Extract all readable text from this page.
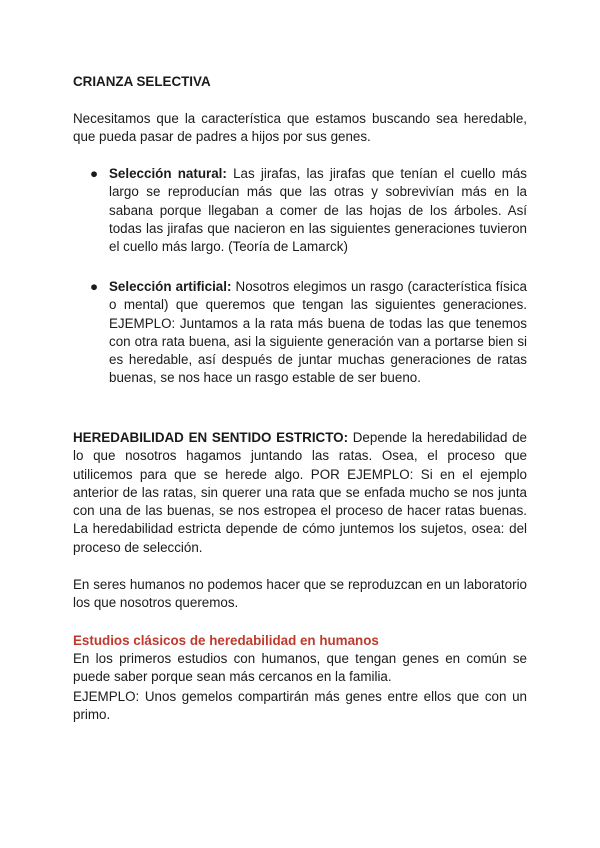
CRIANZA SELECTIVA
Necesitamos que la característica que estamos buscando sea heredable, que pueda pasar de padres a hijos por sus genes.
● Selección natural: Las jirafas, las jirafas que tenían el cuello más largo se reproducían más que las otras y sobrevivían más en la sabana porque llegaban a comer de las hojas de los árboles. Así todas las jirafas que nacieron en las siguientes generaciones tuvieron el cuello más largo. (Teoría de Lamarck)
● Selección artificial: Nosotros elegimos un rasgo (característica física o mental) que queremos que tengan las siguientes generaciones. EJEMPLO: Juntamos a la rata más buena de todas las que tenemos con otra rata buena, asi la siguiente generación van a portarse bien si es heredable, así después de juntar muchas generaciones de ratas buenas, se nos hace un rasgo estable de ser bueno.
HEREDABILIDAD EN SENTIDO ESTRICTO: Depende la heredabilidad de lo que nosotros hagamos juntando las ratas. Osea, el proceso que utilicemos para que se herede algo. POR EJEMPLO: Si en el ejemplo anterior de las ratas, sin querer una rata que se enfada mucho se nos junta con una de las buenas, se nos estropea el proceso de hacer ratas buenas. La heredabilidad estricta depende de cómo juntemos los sujetos, osea: del proceso de selección.
En seres humanos no podemos hacer que se reproduzcan en un laboratorio los que nosotros queremos.
Estudios clásicos de heredabilidad en humanos
En los primeros estudios con humanos, que tengan genes en común se puede saber porque sean más cercanos en la familia.
EJEMPLO: Unos gemelos compartirán más genes entre ellos que con un primo.
